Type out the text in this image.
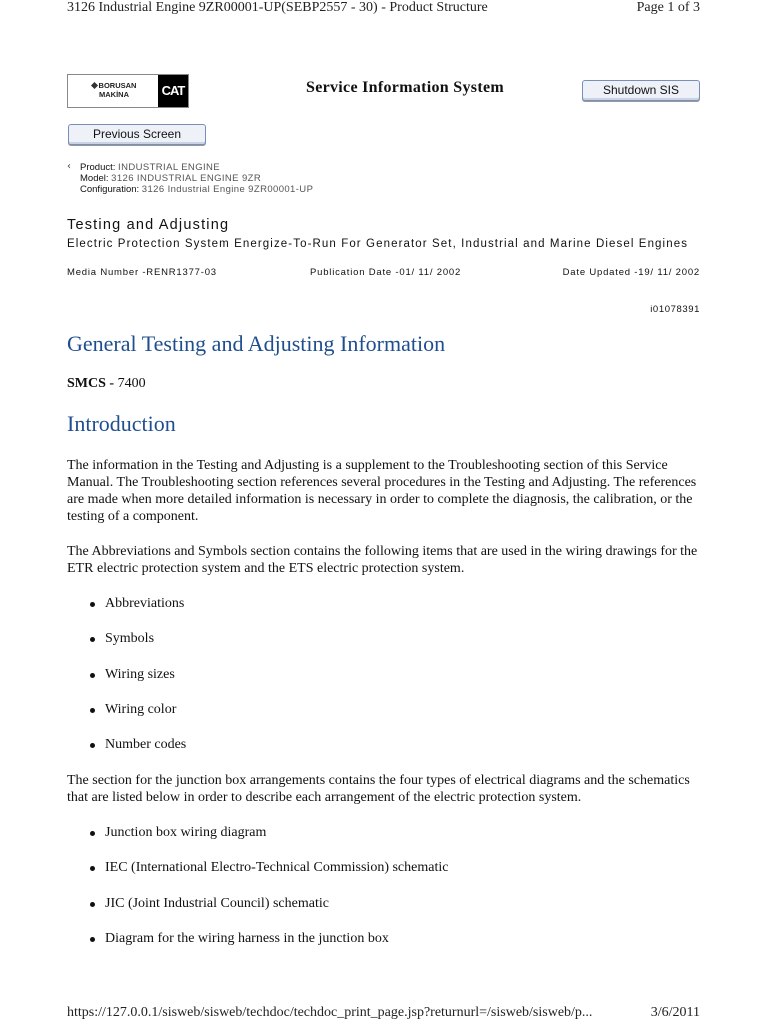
3126 Industrial Engine 9ZR00001-UP(SEBP2557 - 30) - Product Structure	Page 1 of 3
BORUSAN
MAKİNA	CAT	Service Information System	Shutdown SIS
Previous Screen
‹ Product: INDUSTRIAL ENGINE
Model: 3126 INDUSTRIAL ENGINE 9ZR
Configuration: 3126 Industrial Engine 9ZR00001-UP
Testing and Adjusting
Electric Protection System Energize-To-Run For Generator Set, Industrial and Marine Diesel Engines
Media Number -RENR1377-03	Publication Date -01/ 11/ 2002	Date Updated -19/ 11/ 2002
i01078391
General Testing and Adjusting Information
SMCS - 7400
Introduction
The information in the Testing and Adjusting is a supplement to the Troubleshooting section of this Service Manual. The Troubleshooting section references several procedures in the Testing and Adjusting. The references are made when more detailed information is necessary in order to complete the diagnosis, the calibration, or the testing of a component.
The Abbreviations and Symbols section contains the following items that are used in the wiring drawings for the ETR electric protection system and the ETS electric protection system.
Abbreviations
Symbols
Wiring sizes
Wiring color
Number codes
The section for the junction box arrangements contains the four types of electrical diagrams and the schematics that are listed below in order to describe each arrangement of the electric protection system.
Junction box wiring diagram
IEC (International Electro-Technical Commission) schematic
JIC (Joint Industrial Council) schematic
Diagram for the wiring harness in the junction box
https://127.0.0.1/sisweb/sisweb/techdoc/techdoc_print_page.jsp?returnurl=/sisweb/sisweb/p...	3/6/2011
